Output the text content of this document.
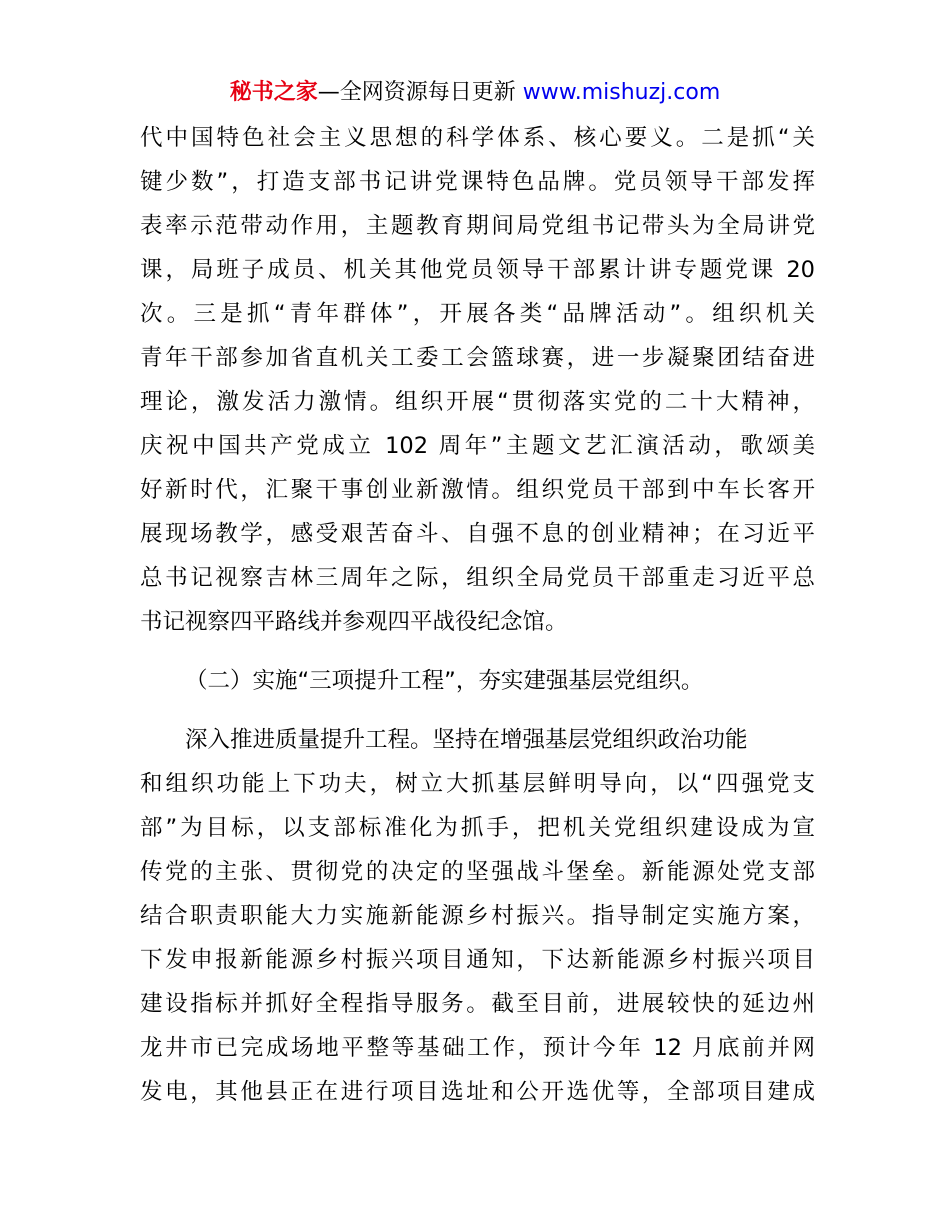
秘书之家—全网资源每日更新 www.mishuzj.com
代中国特色社会主义思想的科学体系、核心要义。二是抓“关
键少数”，打造支部书记讲党课特色品牌。党员领导干部发挥
表率示范带动作用，主题教育期间局党组书记带头为全局讲党
课，局班子成员、机关其他党员领导干部累计讲专题党课 20
次。三是抓“青年群体”，开展各类“品牌活动”。组织机关
青年干部参加省直机关工委工会篮球赛，进一步凝聚团结奋进
理论，激发活力激情。组织开展“贯彻落实党的二十大精神，
庆祝中国共产党成立 102 周年”主题文艺汇演活动，歌颂美
好新时代，汇聚干事创业新激情。组织党员干部到中车长客开
展现场教学，感受艰苦奋斗、自强不息的创业精神；在习近平
总书记视察吉林三周年之际，组织全局党员干部重走习近平总
书记视察四平路线并参观四平战役纪念馆。
（二）实施“三项提升工程”，夯实建强基层党组织。
深入推进质量提升工程。坚持在增强基层党组织政治功能
和组织功能上下功夫，树立大抓基层鲜明导向，以“四强党支
部”为目标，以支部标准化为抓手，把机关党组织建设成为宣
传党的主张、贯彻党的决定的坚强战斗堡垒。新能源处党支部
结合职责职能大力实施新能源乡村振兴。指导制定实施方案，
下发申报新能源乡村振兴项目通知，下达新能源乡村振兴项目
建设指标并抓好全程指导服务。截至目前，进展较快的延边州
龙井市已完成场地平整等基础工作，预计今年 12 月底前并网
发电，其他县正在进行项目选址和公开选优等，全部项目建成
